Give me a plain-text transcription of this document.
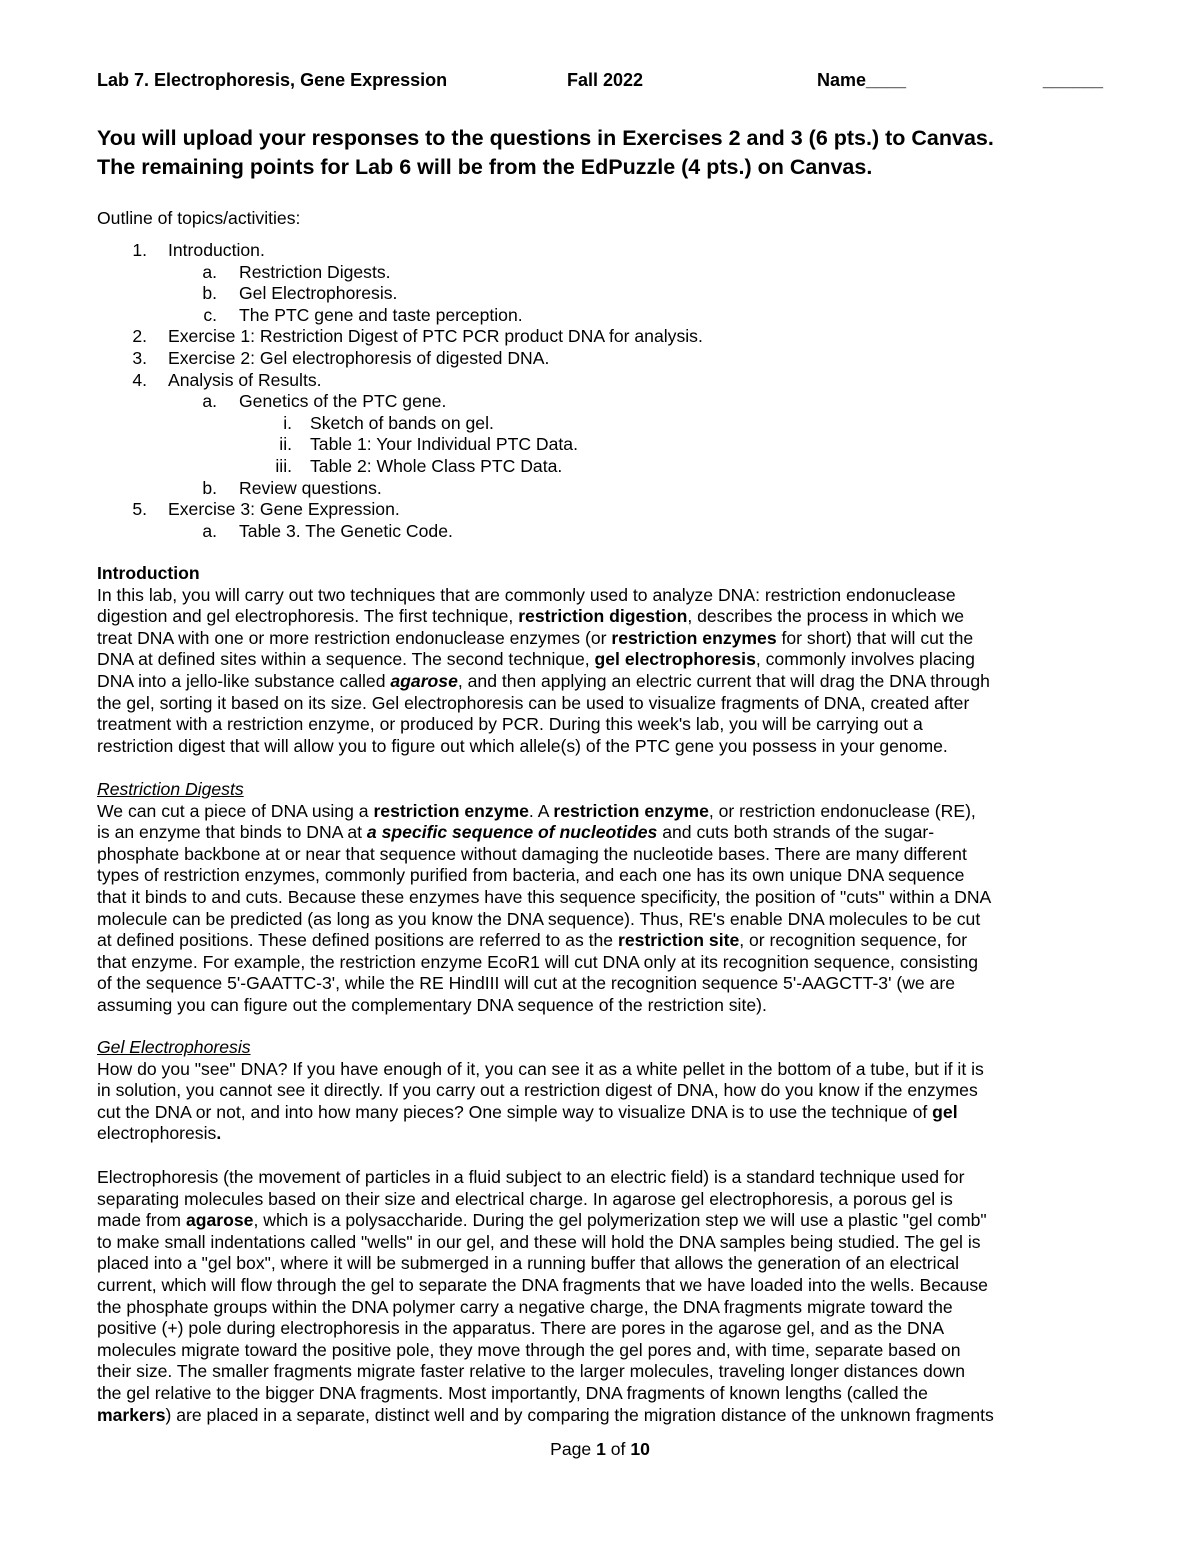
Lab 7. Electrophoresis, Gene Expression	Fall 2022	Name____	______
You will upload your responses to the questions in Exercises 2 and 3 (6 pts.) to Canvas.
The remaining points for Lab 6 will be from the EdPuzzle (4 pts.) on Canvas.
Outline of topics/activities:
1. Introduction.
a. Restriction Digests.
b. Gel Electrophoresis.
c. The PTC gene and taste perception.
2. Exercise 1: Restriction Digest of PTC PCR product DNA for analysis.
3. Exercise 2: Gel electrophoresis of digested DNA.
4. Analysis of Results.
a. Genetics of the PTC gene.
i. Sketch of bands on gel.
ii. Table 1: Your Individual PTC Data.
iii. Table 2: Whole Class PTC Data.
b. Review questions.
5. Exercise 3: Gene Expression.
a. Table 3. The Genetic Code.
Introduction
In this lab, you will carry out two techniques that are commonly used to analyze DNA: restriction endonuclease
digestion and gel electrophoresis. The first technique, restriction digestion, describes the process in which we
treat DNA with one or more restriction endonuclease enzymes (or restriction enzymes for short) that will cut the
DNA at defined sites within a sequence. The second technique, gel electrophoresis, commonly involves placing
DNA into a jello-like substance called agarose, and then applying an electric current that will drag the DNA through
the gel, sorting it based on its size. Gel electrophoresis can be used to visualize fragments of DNA, created after
treatment with a restriction enzyme, or produced by PCR. During this week's lab, you will be carrying out a
restriction digest that will allow you to figure out which allele(s) of the PTC gene you possess in your genome.
Restriction Digests
We can cut a piece of DNA using a restriction enzyme. A restriction enzyme, or restriction endonuclease (RE),
is an enzyme that binds to DNA at a specific sequence of nucleotides and cuts both strands of the sugar-
phosphate backbone at or near that sequence without damaging the nucleotide bases. There are many different
types of restriction enzymes, commonly purified from bacteria, and each one has its own unique DNA sequence
that it binds to and cuts. Because these enzymes have this sequence specificity, the position of "cuts" within a DNA
molecule can be predicted (as long as you know the DNA sequence). Thus, RE's enable DNA molecules to be cut
at defined positions. These defined positions are referred to as the restriction site, or recognition sequence, for
that enzyme. For example, the restriction enzyme EcoR1 will cut DNA only at its recognition sequence, consisting
of the sequence 5'-GAATTC-3', while the RE HindIII will cut at the recognition sequence 5'-AAGCTT-3' (we are
assuming you can figure out the complementary DNA sequence of the restriction site).
Gel Electrophoresis
How do you "see" DNA? If you have enough of it, you can see it as a white pellet in the bottom of a tube, but if it is
in solution, you cannot see it directly. If you carry out a restriction digest of DNA, how do you know if the enzymes
cut the DNA or not, and into how many pieces? One simple way to visualize DNA is to use the technique of gel
electrophoresis.
Electrophoresis (the movement of particles in a fluid subject to an electric field) is a standard technique used for
separating molecules based on their size and electrical charge. In agarose gel electrophoresis, a porous gel is
made from agarose, which is a polysaccharide. During the gel polymerization step we will use a plastic "gel comb"
to make small indentations called "wells" in our gel, and these will hold the DNA samples being studied. The gel is
placed into a "gel box", where it will be submerged in a running buffer that allows the generation of an electrical
current, which will flow through the gel to separate the DNA fragments that we have loaded into the wells. Because
the phosphate groups within the DNA polymer carry a negative charge, the DNA fragments migrate toward the
positive (+) pole during electrophoresis in the apparatus. There are pores in the agarose gel, and as the DNA
molecules migrate toward the positive pole, they move through the gel pores and, with time, separate based on
their size. The smaller fragments migrate faster relative to the larger molecules, traveling longer distances down
the gel relative to the bigger DNA fragments. Most importantly, DNA fragments of known lengths (called the
markers) are placed in a separate, distinct well and by comparing the migration distance of the unknown fragments
Page 1 of 10
